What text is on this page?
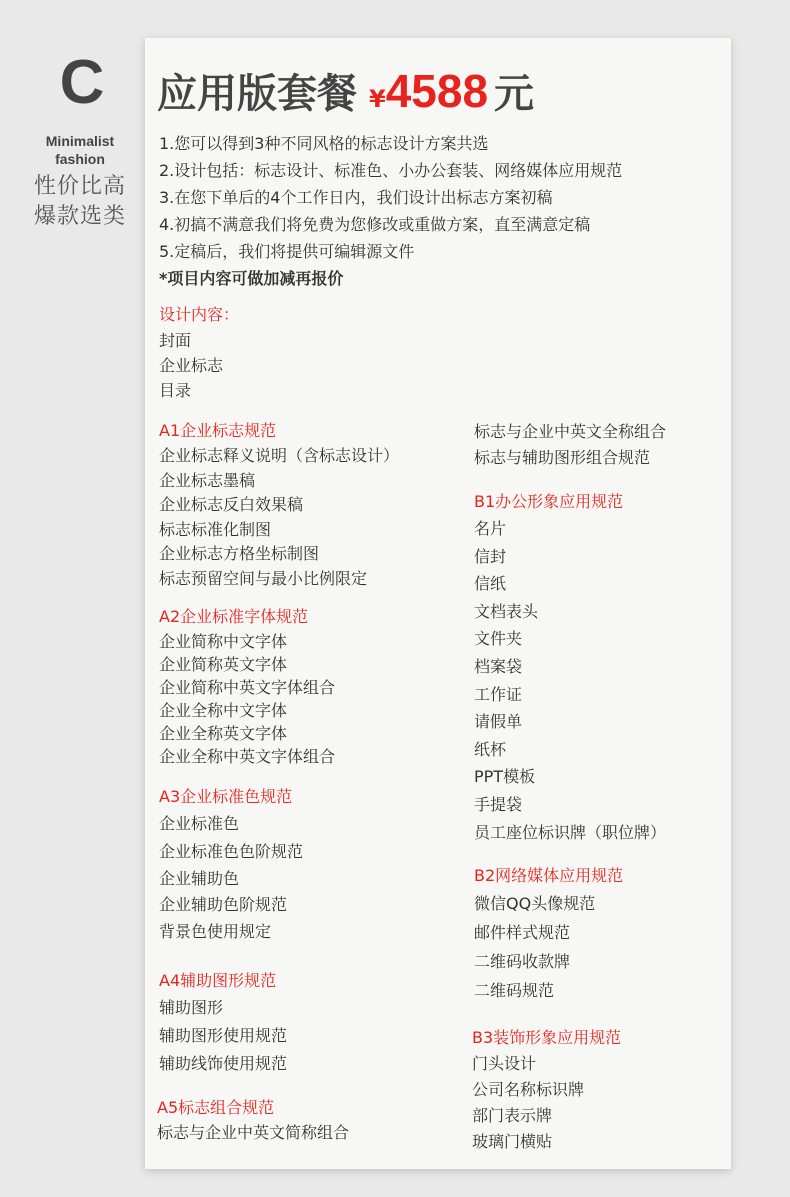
C
Minimalist
fashion
性价比高
爆款选类
应用版套餐 ¥4588 元
1.您可以得到3种不同风格的标志设计方案共选
2.设计包括：标志设计、标准色、小办公套装、网络媒体应用规范
3.在您下单后的4个工作日内，我们设计出标志方案初稿
4.初搞不满意我们将免费为您修改或重做方案，直至满意定稿
5.定稿后，我们将提供可编辑源文件
*项目内容可做加减再报价
设计内容：
封面
企业标志
目录
A1企业标志规范
企业标志释义说明（含标志设计）
企业标志墨稿
企业标志反白效果稿
标志标准化制图
企业标志方格坐标制图
标志预留空间与最小比例限定
A2企业标准字体规范
企业简称中文字体
企业简称英文字体
企业简称中英文字体组合
企业全称中文字体
企业全称英文字体
企业全称中英文字体组合
A3企业标准色规范
企业标准色
企业标准色色阶规范
企业辅助色
企业辅助色阶规范
背景色使用规定
A4辅助图形规范
辅助图形
辅助图形使用规范
辅助线饰使用规范
A5标志组合规范
标志与企业中英文简称组合
标志与企业中英文全称组合
标志与辅助图形组合规范
B1办公形象应用规范
名片
信封
信纸
文档表头
文件夹
档案袋
工作证
请假单
纸杯
PPT模板
手提袋
员工座位标识牌（职位牌）
B2网络媒体应用规范
微信QQ头像规范
邮件样式规范
二维码收款牌
二维码规范
B3装饰形象应用规范
门头设计
公司名称标识牌
部门表示牌
玻璃门横贴
